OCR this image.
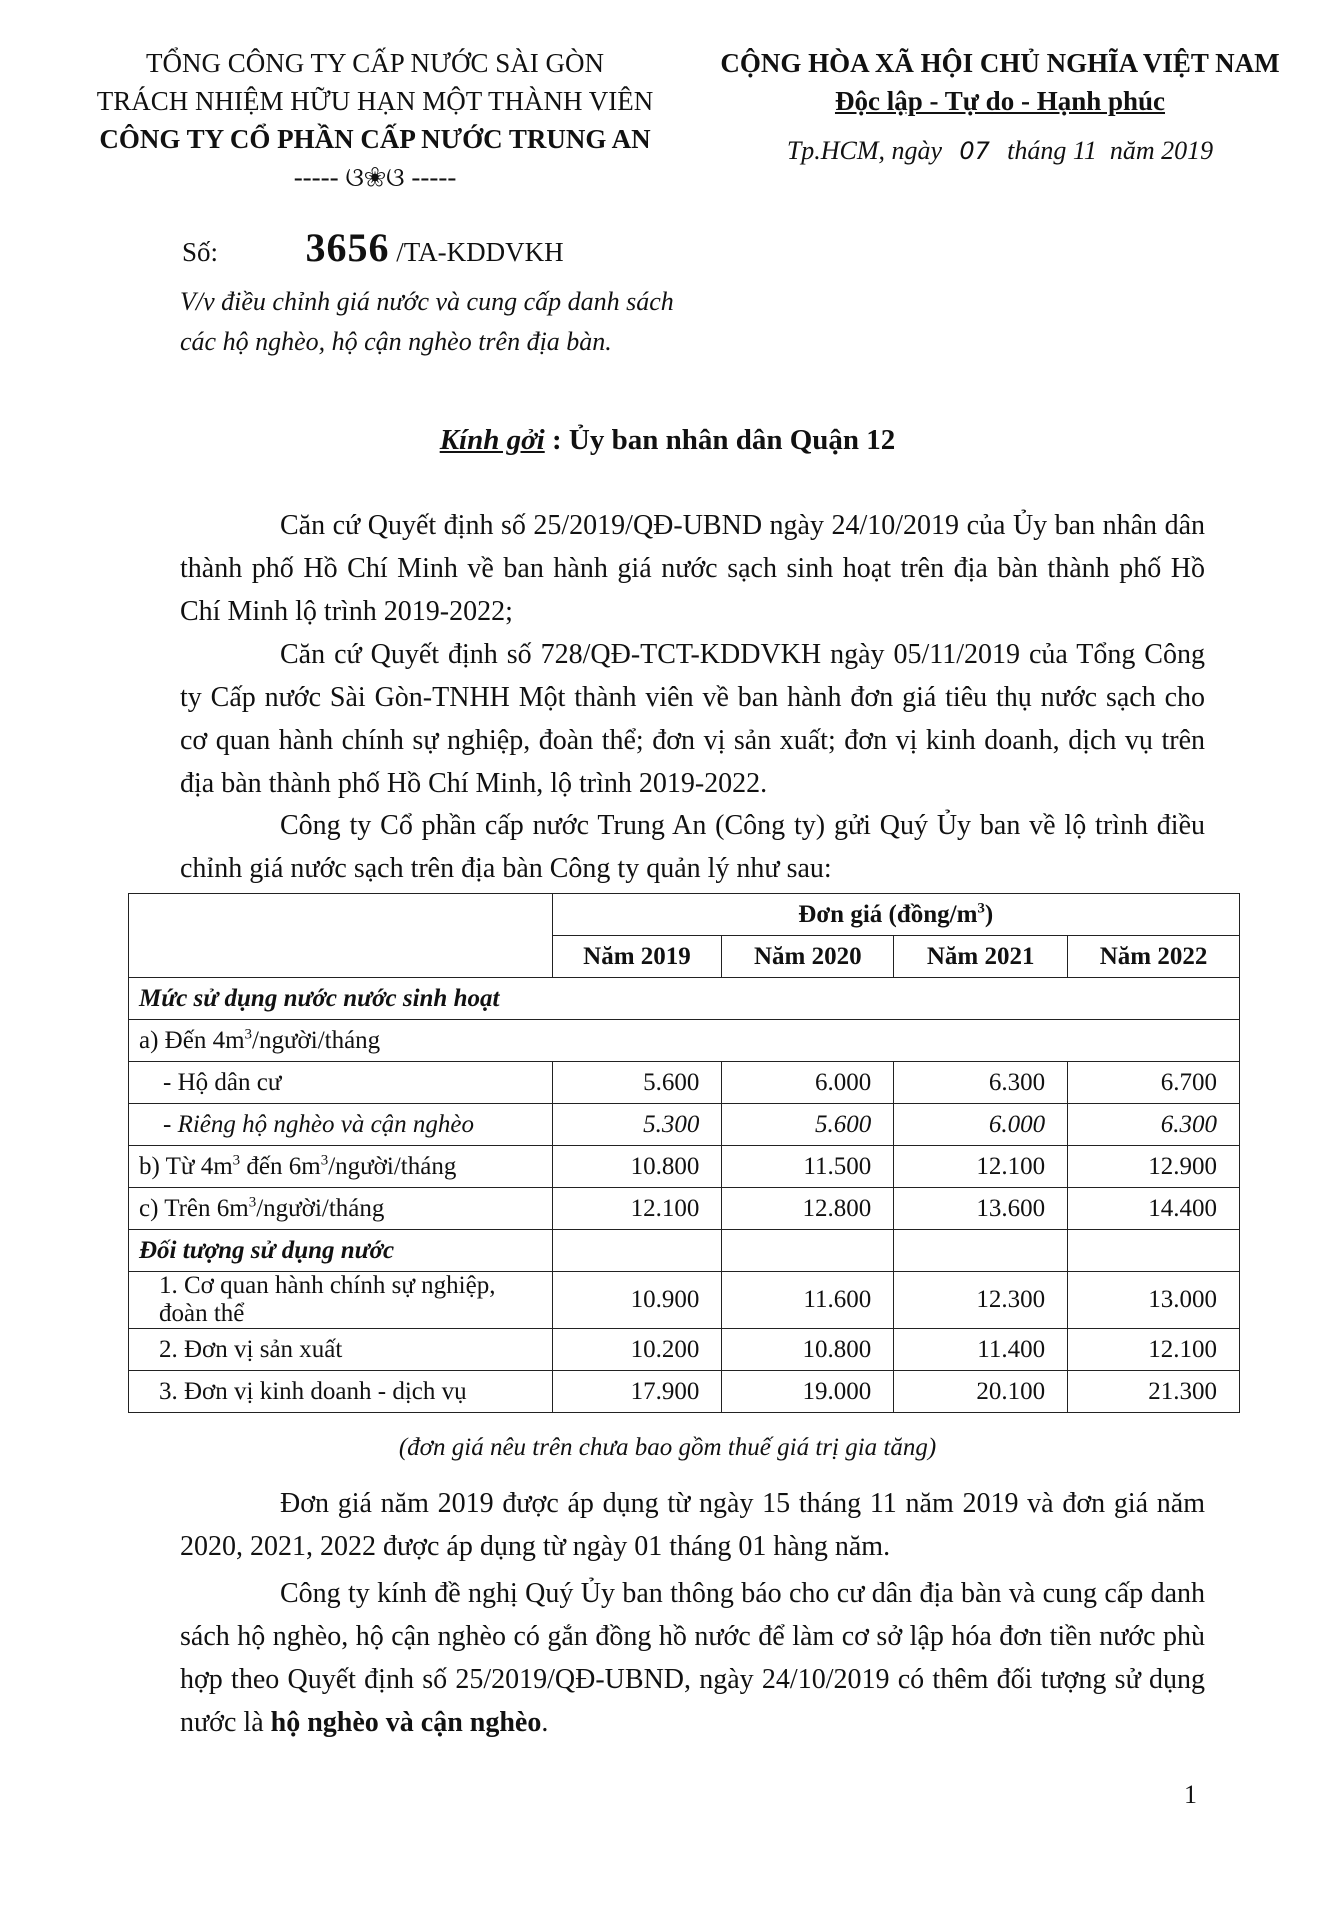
TỔNG CÔNG TY CẤP NƯỚC SÀI GÒN
TRÁCH NHIỆM HỮU HẠN MỘT THÀNH VIÊN
CÔNG TY CỔ PHẦN CẤP NƯỚC TRUNG AN
----- ଓ❀ଓ -----
CỘNG HÒA XÃ HỘI CHỦ NGHĨA VIỆT NAM
Độc lập - Tự do - Hạnh phúc
Tp.HCM, ngày 07 tháng 11 năm 2019
Số: 3656 /TA-KDDVKH
V/v điều chỉnh giá nước và cung cấp danh sách
các hộ nghèo, hộ cận nghèo trên địa bàn.
Kính gởi : Ủy ban nhân dân Quận 12
Căn cứ Quyết định số 25/2019/QĐ-UBND ngày 24/10/2019 của Ủy ban nhân dân thành phố Hồ Chí Minh về ban hành giá nước sạch sinh hoạt trên địa bàn thành phố Hồ Chí Minh lộ trình 2019-2022;
Căn cứ Quyết định số 728/QĐ-TCT-KDDVKH ngày 05/11/2019 của Tổng Công ty Cấp nước Sài Gòn-TNHH Một thành viên về ban hành đơn giá tiêu thụ nước sạch cho cơ quan hành chính sự nghiệp, đoàn thể; đơn vị sản xuất; đơn vị kinh doanh, dịch vụ trên địa bàn thành phố Hồ Chí Minh, lộ trình 2019-2022.
Công ty Cổ phần cấp nước Trung An (Công ty) gửi Quý Ủy ban về lộ trình điều chỉnh giá nước sạch trên địa bàn Công ty quản lý như sau:
	Đơn giá $(đồng/m^3)$			
	Năm 2019	Năm 2020	Năm 2021	Năm 2022
Mức sử dụng nước nước sinh hoạt				
a) Đến $4m^3/người$/tháng				
- Hộ dân cư	5.600	6.000	6.300	6.700
- Riêng hộ nghèo và cận nghèo	5.300	5.600	6.000	6.300
b) Từ $4m^3$ đến $6m^3/người$/tháng	10.800	11.500	12.100	12.900
c) Trên $6m^3/người$/tháng	12.100	12.800	13.600	14.400
Đối tượng sử dụng nước				
1. Cơ quan hành chính sự nghiệp, đoàn thể	10.900	11.600	12.300	13.000
2. Đơn vị sản xuất	10.200	10.800	11.400	12.100
3. Đơn vị kinh doanh - dịch vụ	17.900	19.000	20.100	21.300
(đơn giá nêu trên chưa bao gồm thuế giá trị gia tăng)
Đơn giá năm 2019 được áp dụng từ ngày 15 tháng 11 năm 2019 và đơn giá năm 2020, 2021, 2022 được áp dụng từ ngày 01 tháng 01 hàng năm.
Công ty kính đề nghị Quý Ủy ban thông báo cho cư dân địa bàn và cung cấp danh sách hộ nghèo, hộ cận nghèo có gắn đồng hồ nước để làm cơ sở lập hóa đơn tiền nước phù hợp theo Quyết định số 25/2019/QĐ-UBND, ngày 24/10/2019 có thêm đối tượng sử dụng nước là hộ nghèo và cận nghèo.
1
